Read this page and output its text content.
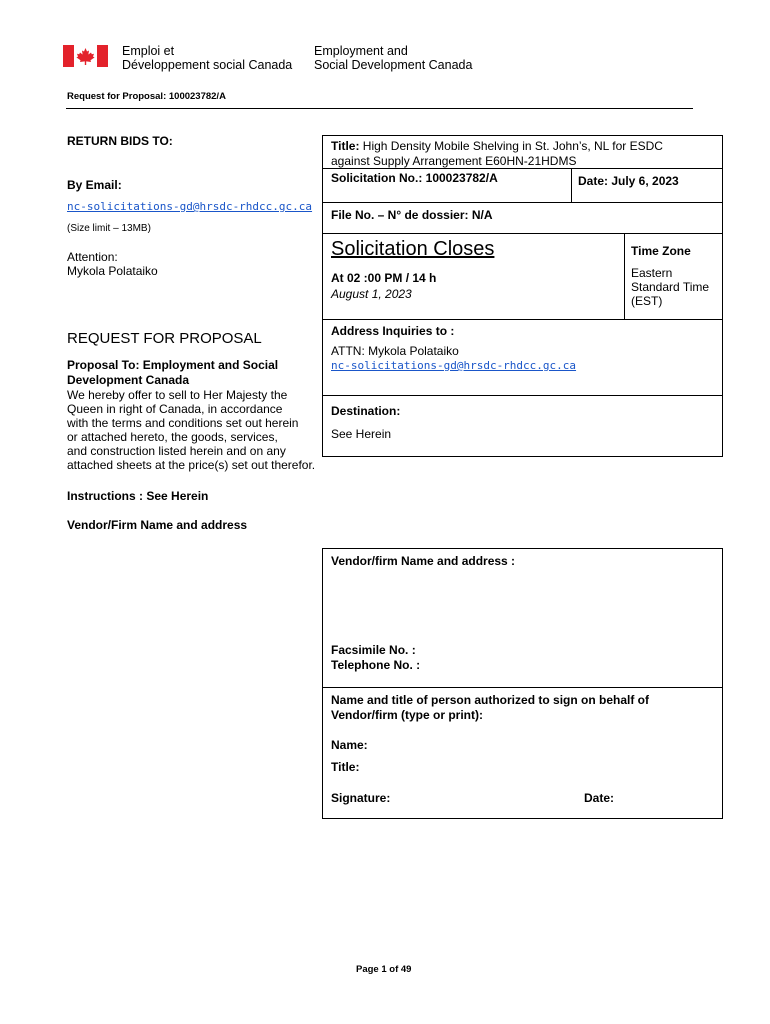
Emploi et
Développement social Canada
Employment and
Social Development Canada
Request for Proposal: 100023782/A
RETURN BIDS TO:
By Email:
nc-solicitations-gd@hrsdc-rhdcc.gc.ca
(Size limit – 13MB)
Attention:
Mykola Polataiko
REQUEST FOR PROPOSAL
Proposal To: Employment and Social
Development Canada
We hereby offer to sell to Her Majesty the
Queen in right of Canada, in accordance
with the terms and conditions set out herein
or attached hereto, the goods, services,
and construction listed herein and on any
attached sheets at the price(s) set out therefor.
Instructions : See Herein
Vendor/Firm Name and address
Title: High Density Mobile Shelving in St. John’s, NL for ESDC
against Supply Arrangement E60HN-21HDMS
Solicitation No.: 100023782/A	Date: July 6, 2023
File No. – N° de dossier: N/A
Solicitation Closes
At 02 :00 PM / 14 h
August 1, 2023
Time Zone
Eastern
Standard Time
(EST)
Address Inquiries to :
ATTN: Mykola Polataiko
nc-solicitations-gd@hrsdc-rhdcc.gc.ca
Destination:
See Herein
Vendor/firm Name and address :
Facsimile No. :
Telephone No. :
Name and title of person authorized to sign on behalf of
Vendor/firm (type or print):
Name:
Title:
Signature:	Date:
Page 1 of 49
